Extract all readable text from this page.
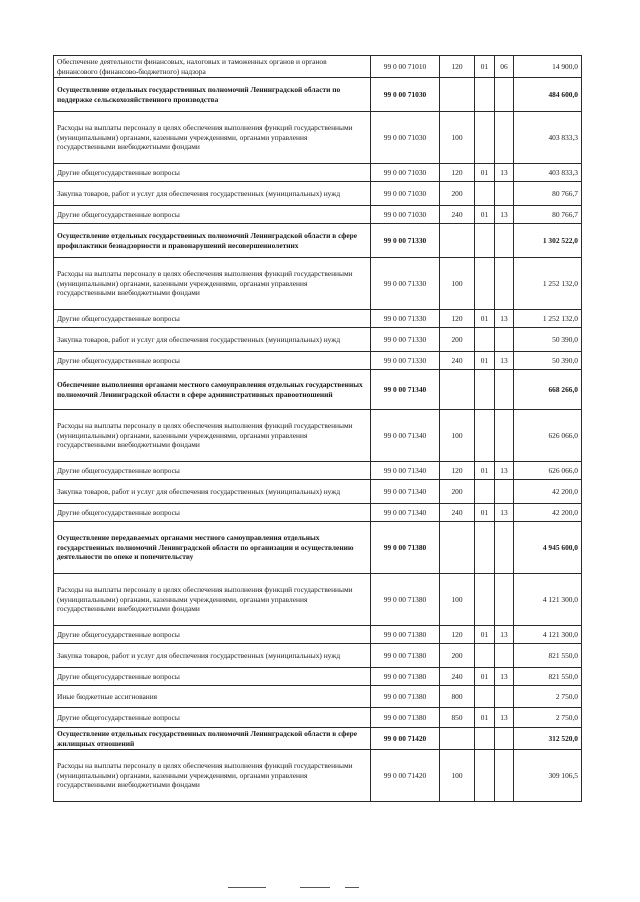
Обеспечение деятельности финансовых, налоговых и таможенных органов и органов финансового (финансово-бюджетного) надзора	99 0 00 71010	120	01	06	14 900,0
Осуществление отдельных государственных полномочий Ленинградской области по поддержке сельскохозяйственного производства	99 0 00 71030				484 600,0
Расходы на выплаты персоналу в целях обеспечения выполнения функций государственными (муниципальными) органами, казенными учреждениями, органами управления государственными внебюджетными фондами	99 0 00 71030	100			403 833,3
Другие общегосударственные вопросы	99 0 00 71030	120	01	13	403 833,3
Закупка товаров, работ и услуг для обеспечения государственных (муниципальных) нужд	99 0 00 71030	200			80 766,7
Другие общегосударственные вопросы	99 0 00 71030	240	01	13	80 766,7
Осуществление отдельных государственных полномочий Ленинградской области в сфере профилактики безнадзорности и правонарушений несовершеннолетних	99 0 00 71330				1 302 522,0
Расходы на выплаты персоналу в целях обеспечения выполнения функций государственными (муниципальными) органами, казенными учреждениями, органами управления государственными внебюджетными фондами	99 0 00 71330	100			1 252 132,0
Другие общегосударственные вопросы	99 0 00 71330	120	01	13	1 252 132,0
Закупка товаров, работ и услуг для обеспечения государственных (муниципальных) нужд	99 0 00 71330	200			50 390,0
Другие общегосударственные вопросы	99 0 00 71330	240	01	13	50 390,0
Обеспечение выполнения органами местного самоуправления отдельных государственных полномочий Ленинградской области в сфере административных правоотношений	99 0 00 71340				668 266,0
Расходы на выплаты персоналу в целях обеспечения выполнения функций государственными (муниципальными) органами, казенными учреждениями, органами управления государственными внебюджетными фондами	99 0 00 71340	100			626 066,0
Другие общегосударственные вопросы	99 0 00 71340	120	01	13	626 066,0
Закупка товаров, работ и услуг для обеспечения государственных (муниципальных) нужд	99 0 00 71340	200			42 200,0
Другие общегосударственные вопросы	99 0 00 71340	240	01	13	42 200,0
Осуществление передаваемых органами местного самоуправления отдельных государственных полномочий Ленинградской области по организации и осуществлению деятельности по опеке и попечительству	99 0 00 71380				4 945 600,0
Расходы на выплаты персоналу в целях обеспечения выполнения функций государственными (муниципальными) органами, казенными учреждениями, органами управления государственными внебюджетными фондами	99 0 00 71380	100			4 121 300,0
Другие общегосударственные вопросы	99 0 00 71380	120	01	13	4 121 300,0
Закупка товаров, работ и услуг для обеспечения государственных (муниципальных) нужд	99 0 00 71380	200			821 550,0
Другие общегосударственные вопросы	99 0 00 71380	240	01	13	821 550,0
Иные бюджетные ассигнования	99 0 00 71380	800			2 750,0
Другие общегосударственные вопросы	99 0 00 71380	850	01	13	2 750,0
Осуществление отдельных государственных полномочий Ленинградской области в сфере жилищных отношений	99 0 00 71420				312 520,0
Расходы на выплаты персоналу в целях обеспечения выполнения функций государственными (муниципальными) органами, казенными учреждениями, органами управления государственными внебюджетными фондами	99 0 00 71420	100			309 106,5
